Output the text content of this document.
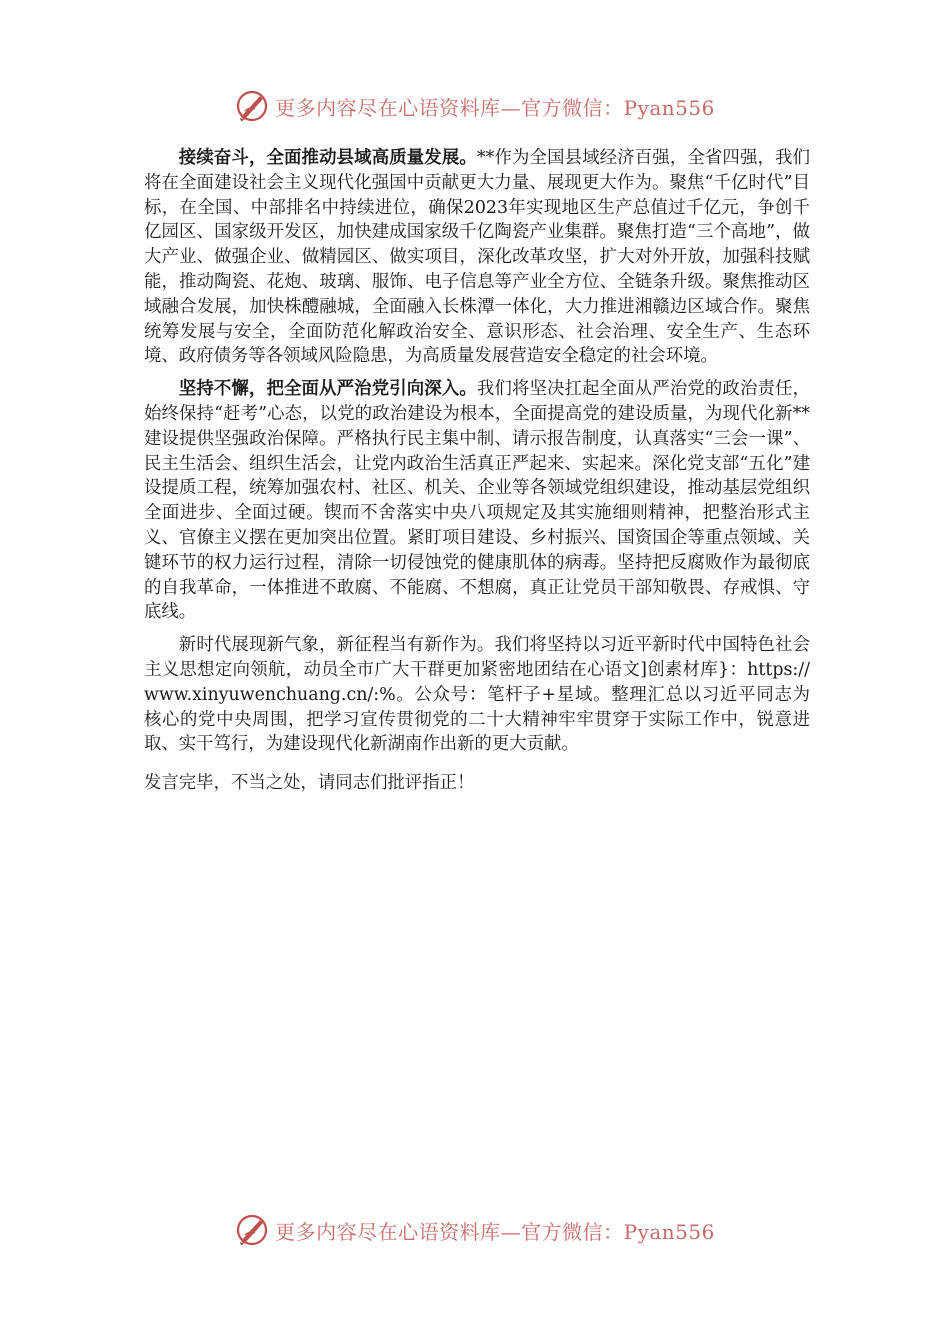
更多内容尽在心语资料库—官方微信：Pyan556

接续奋斗，全面推动县域高质量发展。**作为全国县域经济百强，全省四强，我们将在全面建设社会主义现代化强国中贡献更大力量、展现更大作为。聚焦“千亿时代”目标，在全国、中部排名中持续进位，确保2023年实现地区生产总值过千亿元，争创千亿园区、国家级开发区，加快建成国家级千亿陶瓷产业集群。聚焦打造“三个高地”，做大产业、做强企业、做精园区、做实项目，深化改革攻坚，扩大对外开放，加强科技赋能，推动陶瓷、花炮、玻璃、服饰、电子信息等产业全方位、全链条升级。聚焦推动区域融合发展，加快株醴融城，全面融入长株潭一体化，大力推进湘赣边区域合作。聚焦统筹发展与安全，全面防范化解政治安全、意识形态、社会治理、安全生产、生态环境、政府债务等各领域风险隐患，为高质量发展营造安全稳定的社会环境。

坚持不懈，把全面从严治党引向深入。我们将坚决扛起全面从严治党的政治责任，始终保持“赶考”心态，以党的政治建设为根本，全面提高党的建设质量，为现代化新**建设提供坚强政治保障。严格执行民主集中制、请示报告制度，认真落实“三会一课”、民主生活会、组织生活会，让党内政治生活真正严起来、实起来。深化党支部“五化”建设提质工程，统筹加强农村、社区、机关、企业等各领域党组织建设，推动基层党组织全面进步、全面过硬。锲而不舍落实中央八项规定及其实施细则精神，把整治形式主义、官僚主义摆在更加突出位置。紧盯项目建设、乡村振兴、国资国企等重点领域、关键环节的权力运行过程，清除一切侵蚀党的健康肌体的病毒。坚持把反腐败作为最彻底的自我革命，一体推进不敢腐、不能腐、不想腐，真正让党员干部知敬畏、存戒惧、守底线。

新时代展现新气象，新征程当有新作为。我们将坚持以习近平新时代中国特色社会主义思想定向领航，动员全市广大干群更加紧密地团结在心语文]创素材库}：https://www.xinyuwenchuang.cn/:%。公众号：笔杆子+星域。整理汇总以习近平同志为核心的党中央周围，把学习宣传贯彻党的二十大精神牢牢贯穿于实际工作中，锐意进取、实干笃行，为建设现代化新湖南作出新的更大贡献。

发言完毕，不当之处，请同志们批评指正！

更多内容尽在心语资料库—官方微信：Pyan556
